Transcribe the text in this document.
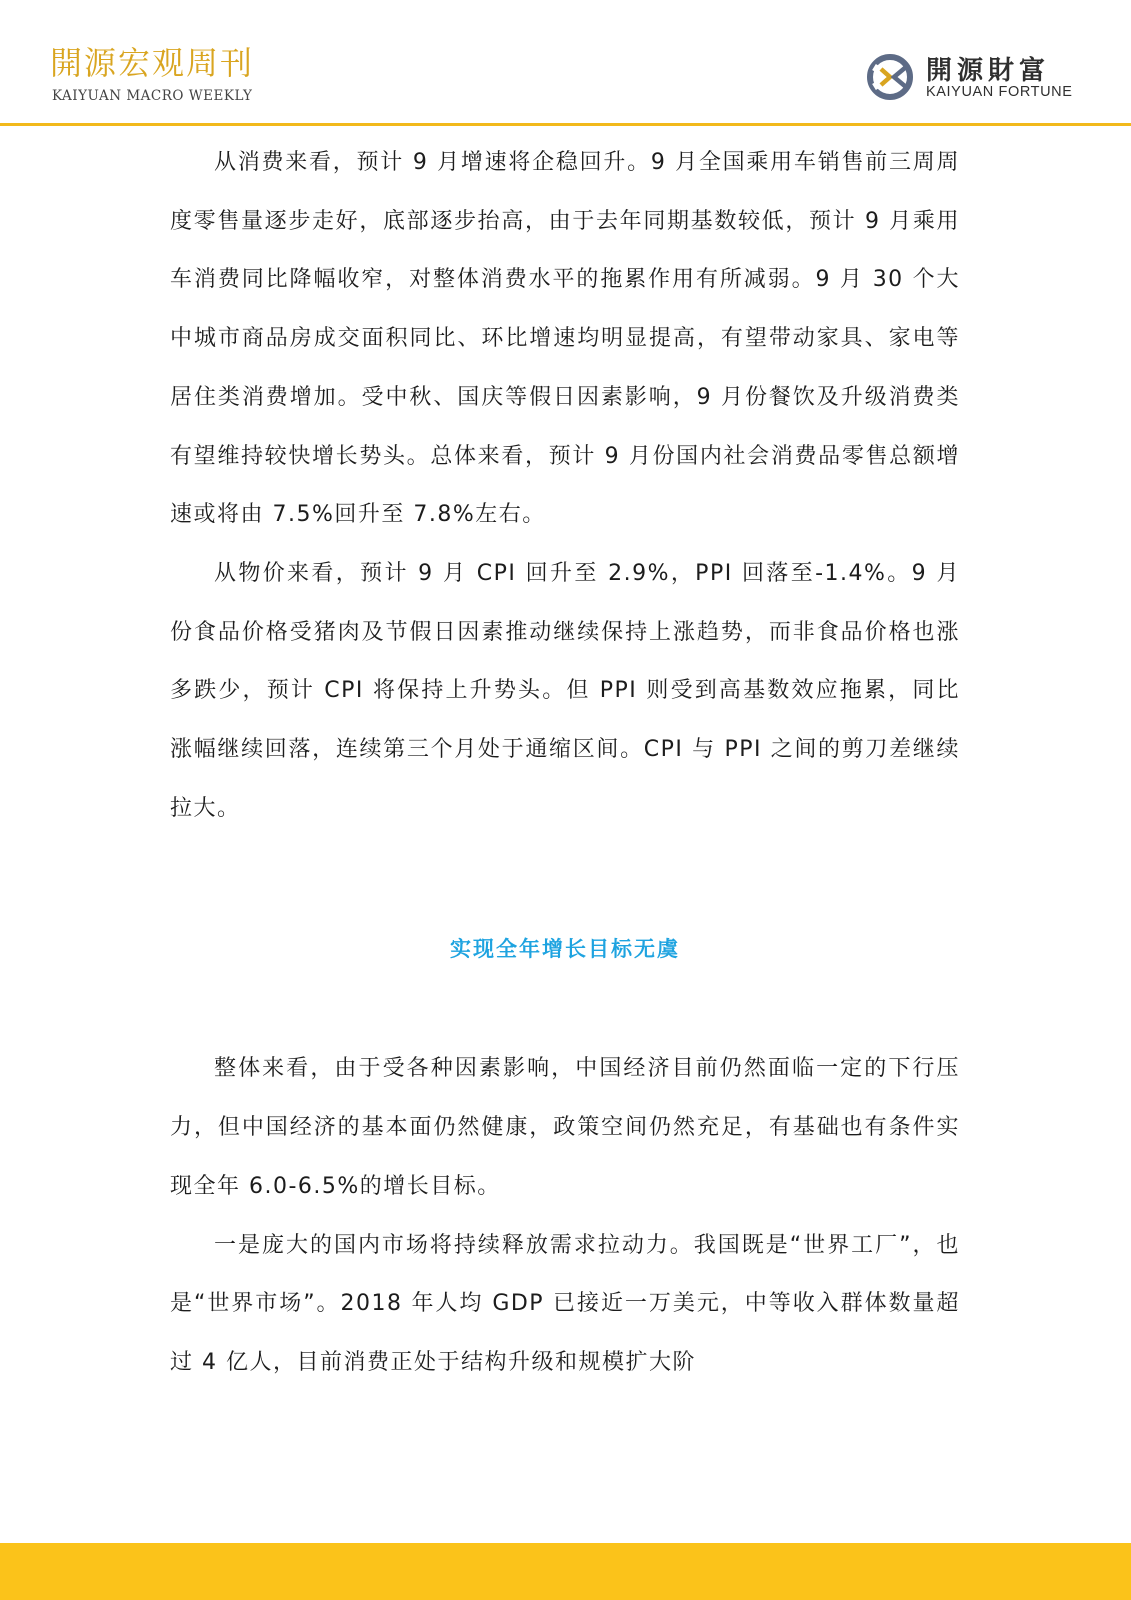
開源宏观周刊
KAIYUAN MACRO WEEKLY
開源財富
KAIYUAN FORTUNE

从消费来看，预计 9 月增速将企稳回升。9 月全国乘用车销售前三周周度零售量逐步走好，底部逐步抬高，由于去年同期基数较低，预计 9 月乘用车消费同比降幅收窄，对整体消费水平的拖累作用有所减弱。9 月 30 个大中城市商品房成交面积同比、环比增速均明显提高，有望带动家具、家电等居住类消费增加。受中秋、国庆等假日因素影响，9 月份餐饮及升级消费类有望维持较快增长势头。总体来看，预计 9 月份国内社会消费品零售总额增速或将由 7.5%回升至 7.8%左右。

从物价来看，预计 9 月 CPI 回升至 2.9%，PPI 回落至-1.4%。9 月份食品价格受猪肉及节假日因素推动继续保持上涨趋势，而非食品价格也涨多跌少，预计 CPI 将保持上升势头。但 PPI 则受到高基数效应拖累，同比涨幅继续回落，连续第三个月处于通缩区间。CPI 与 PPI 之间的剪刀差继续拉大。

实现全年增长目标无虞

整体来看，由于受各种因素影响，中国经济目前仍然面临一定的下行压力，但中国经济的基本面仍然健康，政策空间仍然充足，有基础也有条件实现全年 6.0-6.5%的增长目标。

一是庞大的国内市场将持续释放需求拉动力。我国既是“世界工厂”，也是“世界市场”。2018 年人均 GDP 已接近一万美元，中等收入群体数量超过 4 亿人，目前消费正处于结构升级和规模扩大阶
